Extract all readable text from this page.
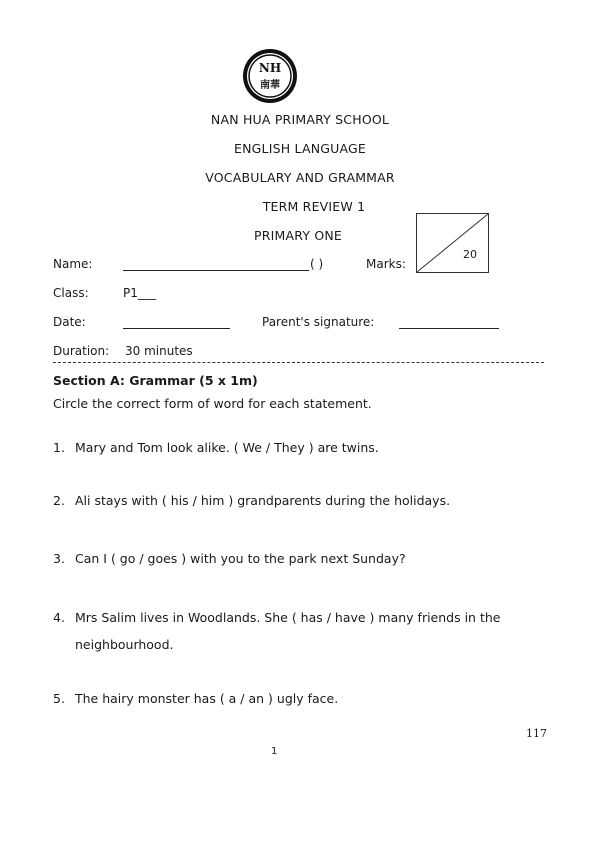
NH
南華
NAN HUA PRIMARY SCHOOL
ENGLISH LANGUAGE
VOCABULARY AND GRAMMAR
TERM REVIEW 1
PRIMARY ONE
20
Name:	( )	Marks:
Class:	P1___
Date:	Parent's signature:
Duration: 30 minutes
Section A: Grammar (5 x 1m)
Circle the correct form of word for each statement.
1. Mary and Tom look alike. ( We / They ) are twins.
2. Ali stays with ( his / him ) grandparents during the holidays.
3. Can I ( go / goes ) with you to the park next Sunday?
4. Mrs Salim lives in Woodlands. She ( has / have ) many friends in the
neighbourhood.
5. The hairy monster has ( a / an ) ugly face.
1
117
